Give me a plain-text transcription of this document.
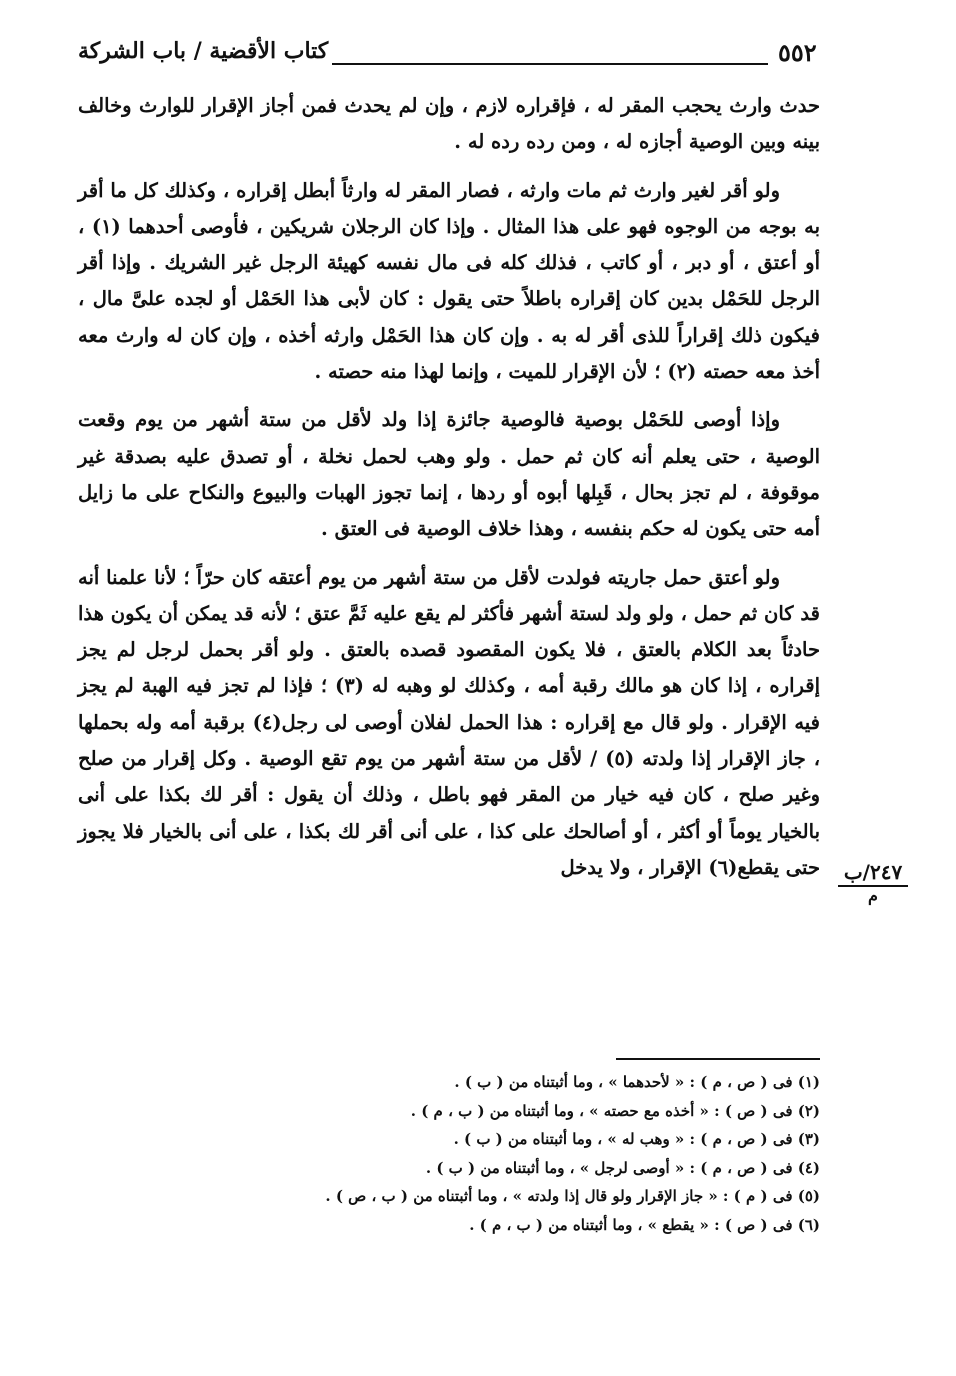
٥٥٢
كتاب الأقضية / باب الشركة

حدث وارث يحجب المقر له ، فإقراره لازم ، وإن لم يحدث فمن أجاز الإقرار للوارث وخالف بينه وبين الوصية أجازه له ، ومن رده رده له .

ولو أقر لغير وارث ثم مات وارثه ، فصار المقر له وارثاً أبطل إقراره ، وكذلك كل ما أقر به بوجه من الوجوه فهو على هذا المثال . وإذا كان الرجلان شريكين ، فأوصى أحدهما (١) ، أو أعتق ، أو دبر ، أو كاتب ، فذلك كله فى مال نفسه كهيئة الرجل غير الشريك . وإذا أقر الرجل للحَمْل بدين كان إقراره باطلاً حتى يقول : كان لأبى هذا الحَمْل أو لجده علىَّ مال ، فيكون ذلك إقراراً للذى أقر له به . وإن كان هذا الحَمْل وارثه أخذه ، وإن كان له وارث معه أخذ معه حصته (٢) ؛ لأن الإقرار للميت ، وإنما لهذا منه حصته .

وإذا أوصى للحَمْل بوصية فالوصية جائزة إذا ولد لأقل من ستة أشهر من يوم وقعت الوصية ، حتى يعلم أنه كان ثم حمل . ولو وهب لحمل نخلة ، أو تصدق عليه بصدقة غير موقوفة ، لم تجز بحال ، قَبِلها أبوه أو ردها ، إنما تجوز الهبات والبيوع والنكاح على ما زايل أمه حتى يكون له حكم بنفسه ، وهذا خلاف الوصية فى العتق .

ولو أعتق حمل جاريته فولدت لأقل من ستة أشهر من يوم أعتقه كان حرّاً ؛ لأنا علمنا أنه قد كان ثم حمل ، ولو ولد لستة أشهر فأكثر لم يقع عليه ثَمَّ عتق ؛ لأنه قد يمكن أن يكون هذا حادثاً بعد الكلام بالعتق ، فلا يكون المقصود قصده بالعتق . ولو أقر بحمل لرجل لم يجز إقراره ، إذا كان هو مالك رقبة أمه ، وكذلك لو وهبه له (٣) ؛ فإذا لم تجز فيه الهبة لم يجز فيه الإقرار . ولو قال مع إقراره : هذا الحمل لفلان أوصى لى رجل(٤) برقبة أمه وله بحملها ، جاز الإقرار إذا ولدته (٥) / لأقل من ستة أشهر من يوم تقع الوصية . وكل إقرار من صلح وغير صلح ، كان فيه خيار من المقر فهو باطل ، وذلك أن يقول : أقر لك بكذا على أنى بالخيار يوماً أو أكثر ، أو أصالحك على كذا ، على أنى أقر لك بكذا ، على أنى بالخيار فلا يجوز حتى يقطع(٦) الإقرار ، ولا يدخل ٢٤٧/ب
م
(١) فى ( ص ، م ) : « لأحدهما » ، وما أثبتناه من ( ب ) .
(٢) فى ( ص ) : « أخذه مع حصته » ، وما أثبتناه من ( ب ، م ) .
(٣) فى ( ص ، م ) : « وهب له » ، وما أثبتناه من ( ب ) .
(٤) فى ( ص ، م ) : « أوصى لرجل » ، وما أثبتناه من ( ب ) .
(٥) فى ( م ) : « جاز الإقرار ولو قال إذا ولدته » ، وما أثبتناه من ( ب ، ص ) .
(٦) فى ( ص ) : « يقطع » ، وما أثبتناه من ( ب ، م ) .
